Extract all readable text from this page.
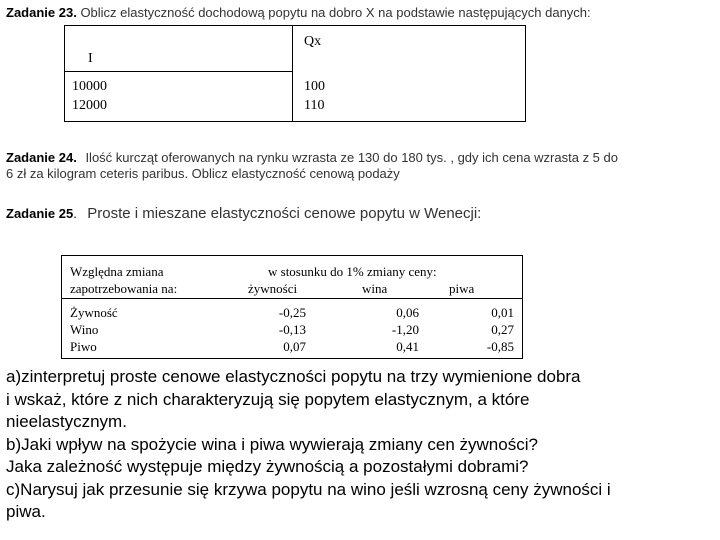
Zadanie 23. Oblicz elastyczność dochodową popytu na dobro X na podstawie następujących danych:
I
Qx
10000
12000
100
110
Zadanie 24. Ilość kurcząt oferowanych na rynku wzrasta ze 130 do 180 tys. , gdy ich cena wzrasta z 5 do
6 zł za kilogram ceteris paribus. Oblicz elastyczność cenową podaży
Zadanie 25. Proste i mieszane elastyczności cenowe popytu w Wenecji:
Względna zmiana
zapotrzebowania na:
w stosunku do 1% zmiany ceny:
żywności	wina	piwa
Żywność
Wino
Piwo
-0,25
-0,13
0,07
0,06
-1,20
0,41
0,01
0,27
-0,85
a)zinterpretuj proste cenowe elastyczności popytu na trzy wymienione dobra
i wskaż, które z nich charakteryzują się popytem elastycznym, a które
nieelastycznym.
b)Jaki wpływ na spożycie wina i piwa wywierają zmiany cen żywności?
Jaka zależność występuje między żywnością a pozostałymi dobrami?
c)Narysuj jak przesunie się krzywa popytu na wino jeśli wzrosną ceny żywności i
piwa.
